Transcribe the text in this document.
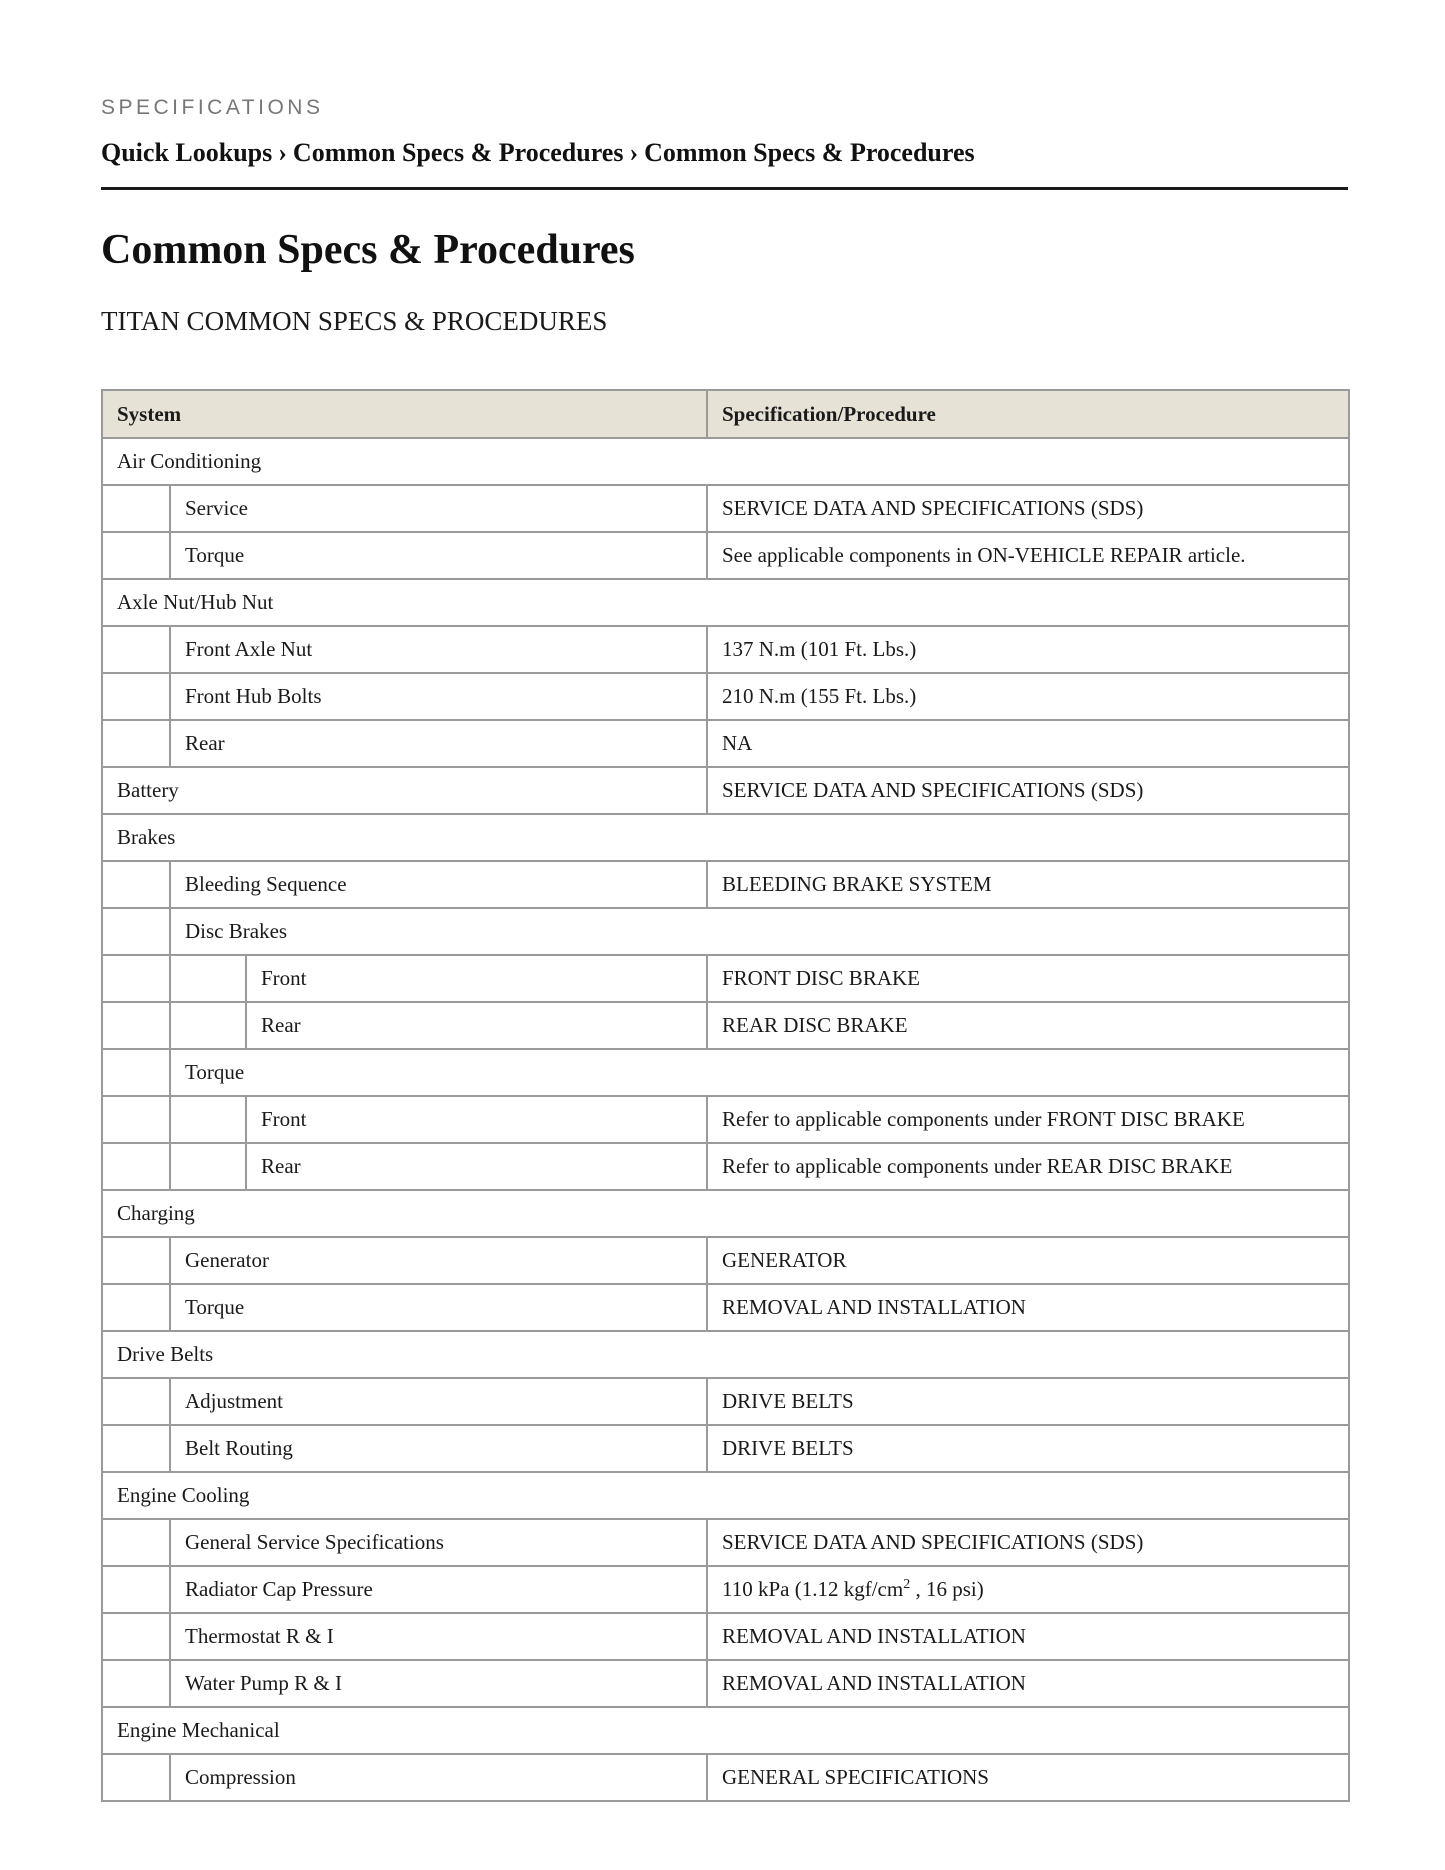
SPECIFICATIONS
Quick Lookups › Common Specs & Procedures › Common Specs & Procedures
Common Specs & Procedures
TITAN COMMON SPECS & PROCEDURES
System			Specification/Procedure
Air Conditioning			
	Service		SERVICE DATA AND SPECIFICATIONS (SDS)
	Torque		See applicable components in ON-VEHICLE REPAIR article.
Axle Nut/Hub Nut			
	Front Axle Nut		137 N.m (101 Ft. Lbs.)
	Front Hub Bolts		210 N.m (155 Ft. Lbs.)
	Rear		NA
Battery			SERVICE DATA AND SPECIFICATIONS (SDS)
Brakes			
	Bleeding Sequence		BLEEDING BRAKE SYSTEM
	Disc Brakes		
		Front	FRONT DISC BRAKE
		Rear	REAR DISC BRAKE
	Torque		
		Front	Refer to applicable components under FRONT DISC BRAKE
		Rear	Refer to applicable components under REAR DISC BRAKE
Charging			
	Generator		GENERATOR
	Torque		REMOVAL AND INSTALLATION
Drive Belts			
	Adjustment		DRIVE BELTS
	Belt Routing		DRIVE BELTS
Engine Cooling			
	General Service Specifications		SERVICE DATA AND SPECIFICATIONS (SDS)
	Radiator Cap Pressure		110 kPa (1.12 kgf/$cm^2$ , 16 psi)
	Thermostat R & I		REMOVAL AND INSTALLATION
	Water Pump R & I		REMOVAL AND INSTALLATION
Engine Mechanical			
	Compression		GENERAL SPECIFICATIONS
